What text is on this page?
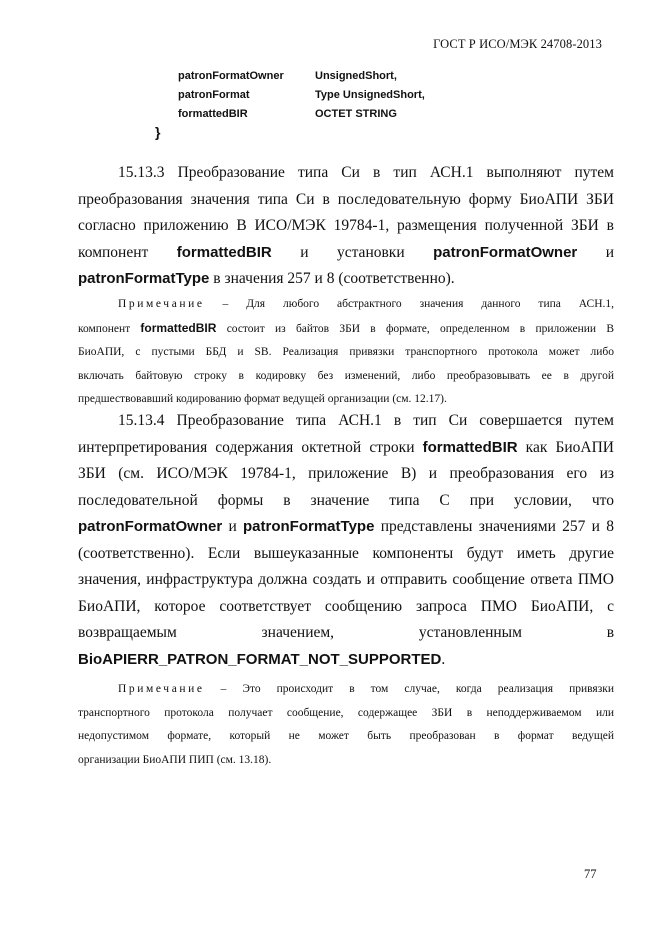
ГОСТ Р ИСО/МЭК 24708-2013
patronFormatOwner	UnsignedShort,
patronFormat	Type UnsignedShort,
formattedBIR	OCTET STRING
}
15.13.3 Преобразование типа Си в тип АСН.1 выполняют путем
преобразования значения типа Си в последовательную форму БиоАПИ ЗБИ
согласно приложению В ИСО/МЭК 19784-1, размещения полученной ЗБИ в
компонент formattedBIR и установки patronFormatOwner и
patronFormatType в значения 257 и 8 (соответственно).
Примечание – Для любого абстрактного значения данного типа АСН.1,
компонент formattedBIR состоит из байтов ЗБИ в формате, определенном в приложении В
БиоАПИ, с пустыми ББД и SB. Реализация привязки транспортного протокола может либо
включать байтовую строку в кодировку без изменений, либо преобразовывать ее в другой
предшествовавший кодированию формат ведущей организации (см. 12.17).
15.13.4 Преобразование типа АСН.1 в тип Си совершается путем
интерпретирования содержания октетной строки formattedBIR как БиоАПИ
ЗБИ (см. ИСО/МЭК 19784-1, приложение В) и преобразования его из
последовательной формы в значение типа С при условии, что
patronFormatOwner и patronFormatType представлены значениями 257 и 8
(соответственно). Если вышеуказанные компоненты будут иметь другие
значения, инфраструктура должна создать и отправить сообщение ответа ПМО
БиоАПИ, которое соответствует сообщению запроса ПМО БиоАПИ, с
возвращаемым	значением,	установленным	в
BioAPIERR_PATRON_FORMAT_NOT_SUPPORTED.
Примечание – Это происходит в том случае, когда реализация привязки
транспортного протокола получает сообщение, содержащее ЗБИ в неподдерживаемом или
недопустимом формате, который не может быть преобразован в формат ведущей
организации БиоАПИ ПИП (см. 13.18).
77
